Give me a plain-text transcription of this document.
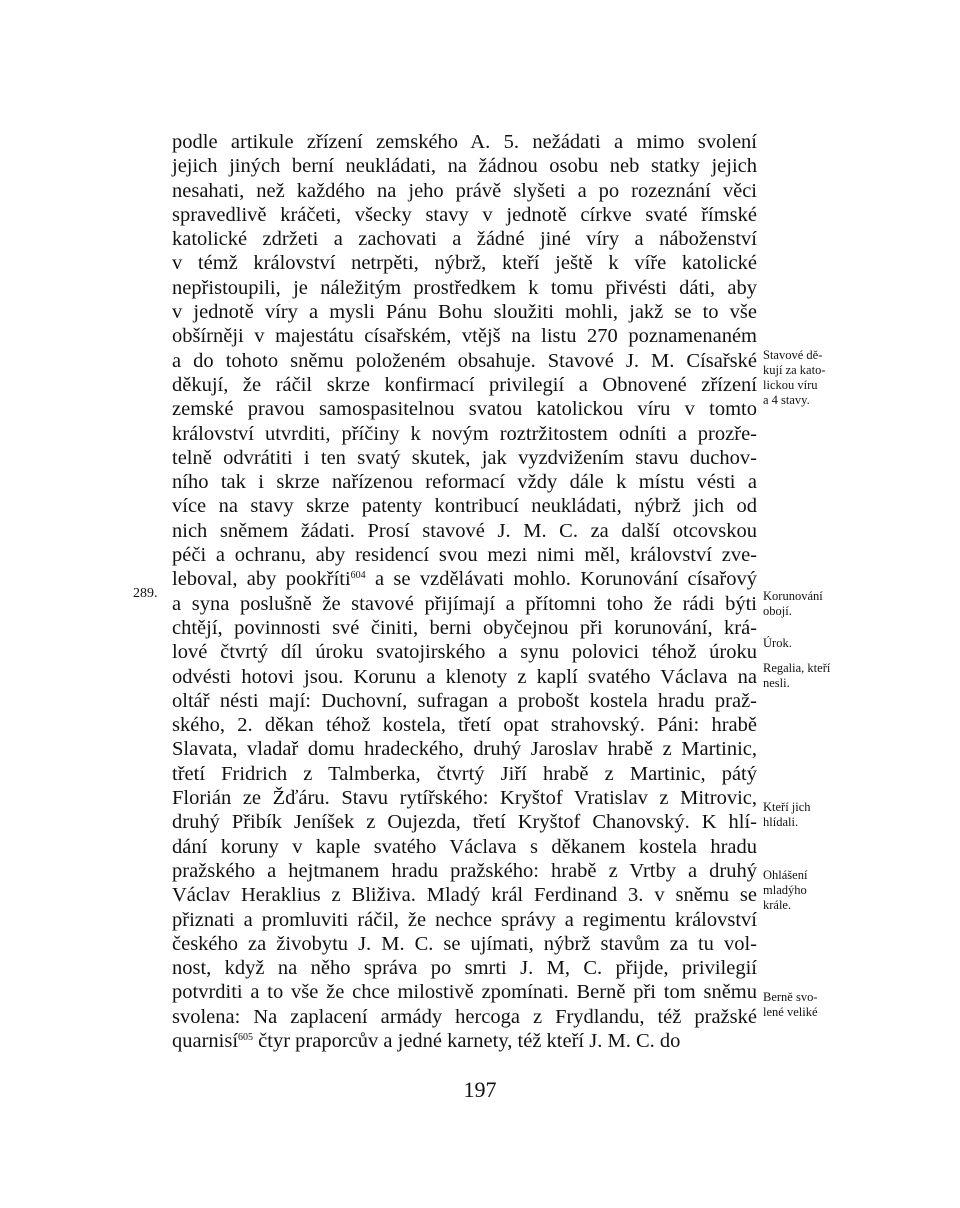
podle artikule zřízení zemského A. 5. nežádati a mimo svolení
jejich jiných berní neukládati, na žádnou osobu neb statky jejich
nesahati, než každého na jeho právě slyšeti a po rozeznání věci
spravedlivě kráčeti, všecky stavy v jednotě církve svaté římské
katolické zdržeti a zachovati a žádné jiné víry a náboženství
v témž království netrpěti, nýbrž, kteří ještě k víře katolické
nepřistoupili, je náležitým prostředkem k tomu přivésti dáti, aby
v jednotě víry a mysli Pánu Bohu sloužiti mohli, jakž se to vše
obšírněji v majestátu císařském, vtějš na listu 270 poznamenaném
a do tohoto sněmu položeném obsahuje. Stavové J. M. Císařské
děkují, že ráčil skrze konfirmací privilegií a Obnovené zřízení
zemské pravou samospasitelnou svatou katolickou víru v tomto
království utvrditi, příčiny k novým roztržitostem odníti a prozře-
telně odvrátiti i ten svatý skutek, jak vyzdvižením stavu duchov-
ního tak i skrze nařízenou reformací vždy dále k místu vésti a
více na stavy skrze patenty kontribucí neukládati, nýbrž jich od
nich sněmem žádati. Prosí stavové J. M. C. za další otcovskou
péči a ochranu, aby residencí svou mezi nimi měl, království zve-
leboval, aby pookříti$^{604}$ a se vzdělávati mohlo. Korunování císařový
a syna poslušně že stavové přijímají a přítomni toho že rádi býti
chtějí, povinnosti své činiti, berni obyčejnou při korunování, krá-
lové čtvrtý díl úroku svatojirského a synu polovici téhož úroku
odvésti hotovi jsou. Korunu a klenoty z kaplí svatého Václava na
oltář nésti mají: Duchovní, sufragan a probošt kostela hradu praž-
ského, 2. děkan téhož kostela, třetí opat strahovský. Páni: hrabě
Slavata, vladař domu hradeckého, druhý Jaroslav hrabě z Martinic,
třetí Fridrich z Talmberka, čtvrtý Jiří hrabě z Martinic, pátý
Florián ze Žďáru. Stavu rytířského: Kryštof Vratislav z Mitrovic,
druhý Přibík Jeníšek z Oujezda, třetí Kryštof Chanovský. K hlí-
dání koruny v kaple svatého Václava s děkanem kostela hradu
pražského a hejtmanem hradu pražského: hrabě z Vrtby a druhý
Václav Heraklius z Bliživa. Mladý král Ferdinand 3. v sněmu se
přiznati a promluviti ráčil, že nechce správy a regimentu království
českého za živobytu J. M. C. se ujímati, nýbrž stavům za tu vol-
nost, když na něho správa po smrti J. M, C. přijde, privilegií
potvrditi a to vše že chce milostivě zpomínati. Berně při tom sněmu
svolena: Na zaplacení armády hercoga z Frydlandu, též pražské
quarnisí$^{605}$ čtyr praporcův a jedné karnety, též kteří J. M. C. do
289.
Stavové dě-
kují za kato-
lickou víru
a 4 stavy.
Korunování
obojí.
Úrok.
Regalia, kteří
nesli.
Kteří jich
hlídali.
Ohlášení
mladýho
krále.
Berně svo-
lené veliké
197
